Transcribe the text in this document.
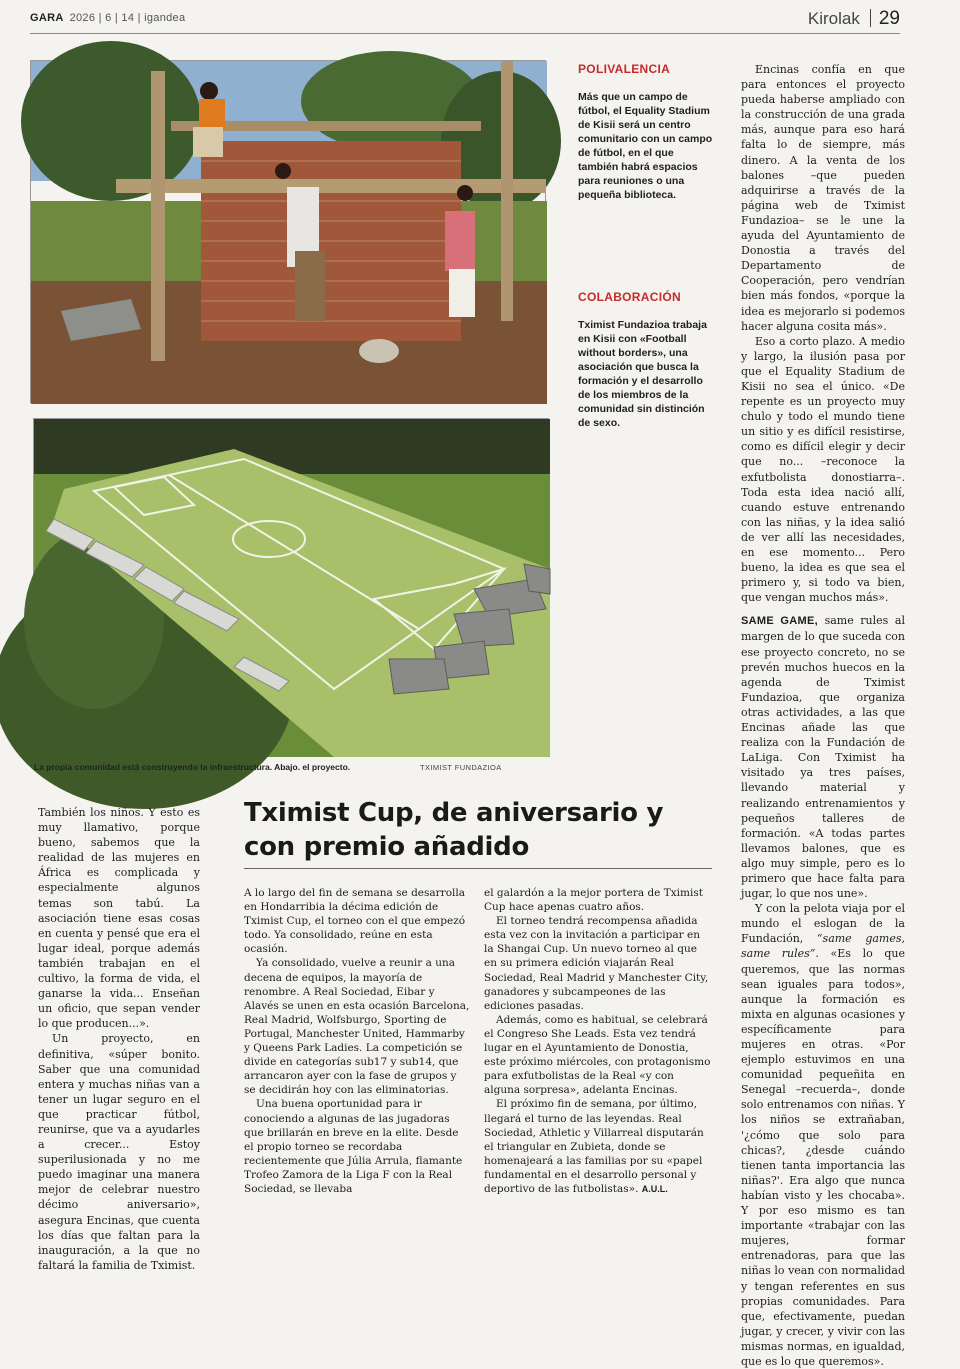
GARA 2026 | 6 | 14 | igandea	Kirolak 29
La propia comunidad está construyendo la infraestructura. Abajo. el proyecto.	TXIMIST FUNDAZIOA
POLIVALENCIA
Más que un campo de fútbol, el Equality Stadium de Kisii será un centro comunitario con un campo de fútbol, en el que también habrá espacios para reuniones o una pequeña biblioteca.
COLABORACIÓN
Tximist Fundazioa trabaja en Kisii con «Football without borders», una asociación que busca la formación y el desarrollo de los miembros de la comunidad sin distinción de sexo.

Encinas confía en que para entonces el proyecto pueda haberse ampliado con la construcción de una grada más, aunque para eso hará falta lo de siempre, más dinero. A la venta de los balones –que pueden adquirirse a través de la página web de Tximist Fundazioa– se le une la ayuda del Ayuntamiento de Donostia a través del Departamento de Cooperación, pero vendrían bien más fondos, «porque la idea es mejorarlo si podemos hacer alguna cosita más».

Eso a corto plazo. A medio y largo, la ilusión pasa por que el Equality Stadium de Kisii no sea el único. «De repente es un proyecto muy chulo y todo el mundo tiene un sitio y es difícil resistirse, como es difícil elegir y decir que no... –reconoce la exfutbolista donostiarra–. Toda esta idea nació allí, cuando estuve entrenando con las niñas, y la idea salió de ver allí las necesidades, en ese momento... Pero bueno, la idea es que sea el primero y, si todo va bien, que vengan muchos más».

SAME GAME, same rules al margen de lo que suceda con ese proyecto concreto, no se prevén muchos huecos en la agenda de Tximist Fundazioa, que organiza otras actividades, a las que Encinas añade las que realiza con la Fundación de LaLiga. Con Tximist ha visitado ya tres países, llevando material y realizando entrenamientos y pequeños talleres de formación. «A todas partes llevamos balones, que es algo muy simple, pero es lo primero que hace falta para jugar, lo que nos une».

Y con la pelota viaja por el mundo el eslogan de la Fundación, “same games, same rules”. «Es lo que queremos, que las normas sean iguales para todos», aunque la formación es mixta en algunas ocasiones y específicamente para mujeres en otras. «Por ejemplo estuvimos en una comunidad pequeñita en Senegal –recuerda–, donde solo entrenamos con niñas. Y los niños se extrañaban, '¿cómo que solo para chicas?, ¿desde cuándo tienen tanta importancia las niñas?'. Era algo que nunca habían visto y les chocaba». Y por eso mismo es tan importante «trabajar con las mujeres, formar entrenadoras, para que las niñas lo vean con normalidad y tengan referentes en sus propias comunidades. Para que, efectivamente, puedan jugar, y crecer, y vivir con las mismas normas, en igualdad, que es lo que queremos».

También los niños. Y esto es muy llamativo, porque bueno, sabemos que la realidad de las mujeres en África es complicada y especialmente algunos temas son tabú. La asociación tiene esas cosas en cuenta y pensé que era el lugar ideal, porque además también trabajan en el cultivo, la forma de vida, el ganarse la vida... Enseñan un oficio, que sepan vender lo que producen...».

Un proyecto, en definitiva, «súper bonito. Saber que una comunidad entera y muchas niñas van a tener un lugar seguro en el que practicar fútbol, reunirse, que va a ayudarles a crecer... Estoy superilusionada y no me puedo imaginar una manera mejor de celebrar nuestro décimo aniversario», asegura Encinas, que cuenta los días que faltan para la inauguración, a la que no faltará la familia de Tximist.

Tximist Cup, de aniversario y con premio añadido

A lo largo del fin de semana se desarrolla en Hondarribia la décima edición de Tximist Cup, el torneo con el que empezó todo. Ya consolidado, reúne en esta ocasión.

Ya consolidado, vuelve a reunir a una decena de equipos, la mayoría de renombre. A Real Sociedad, Eibar y Alavés se unen en esta ocasión Barcelona, Real Madrid, Wolfsburgo, Sporting de Portugal, Manchester United, Hammarby y Queens Park Ladies. La competición se divide en categorías sub17 y sub14, que arrancaron ayer con la fase de grupos y se decidirán hoy con las eliminatorias.

Una buena oportunidad para ir conociendo a algunas de las jugadoras que brillarán en breve en la elite. Desde el propio torneo se recordaba recientemente que Júlia Arrula, flamante Trofeo Zamora de la Liga F con la Real Sociedad, se llevaba

el galardón a la mejor portera de Tximist Cup hace apenas cuatro años.

El torneo tendrá recompensa añadida esta vez con la invitación a participar en la Shangai Cup. Un nuevo torneo al que en su primera edición viajarán Real Sociedad, Real Madrid y Manchester City, ganadores y subcampeones de las ediciones pasadas.

Además, como es habitual, se celebrará el Congreso She Leads. Esta vez tendrá lugar en el Ayuntamiento de Donostia, este próximo miércoles, con protagonismo para exfutbolistas de la Real «y con alguna sorpresa», adelanta Encinas.

El próximo fin de semana, por último, llegará el turno de las leyendas. Real Sociedad, Athletic y Villarreal disputarán el triangular en Zubieta, donde se homenajeará a las familias por su «papel fundamental en el desarrollo personal y deportivo de las futbolistas». A.U.L.
